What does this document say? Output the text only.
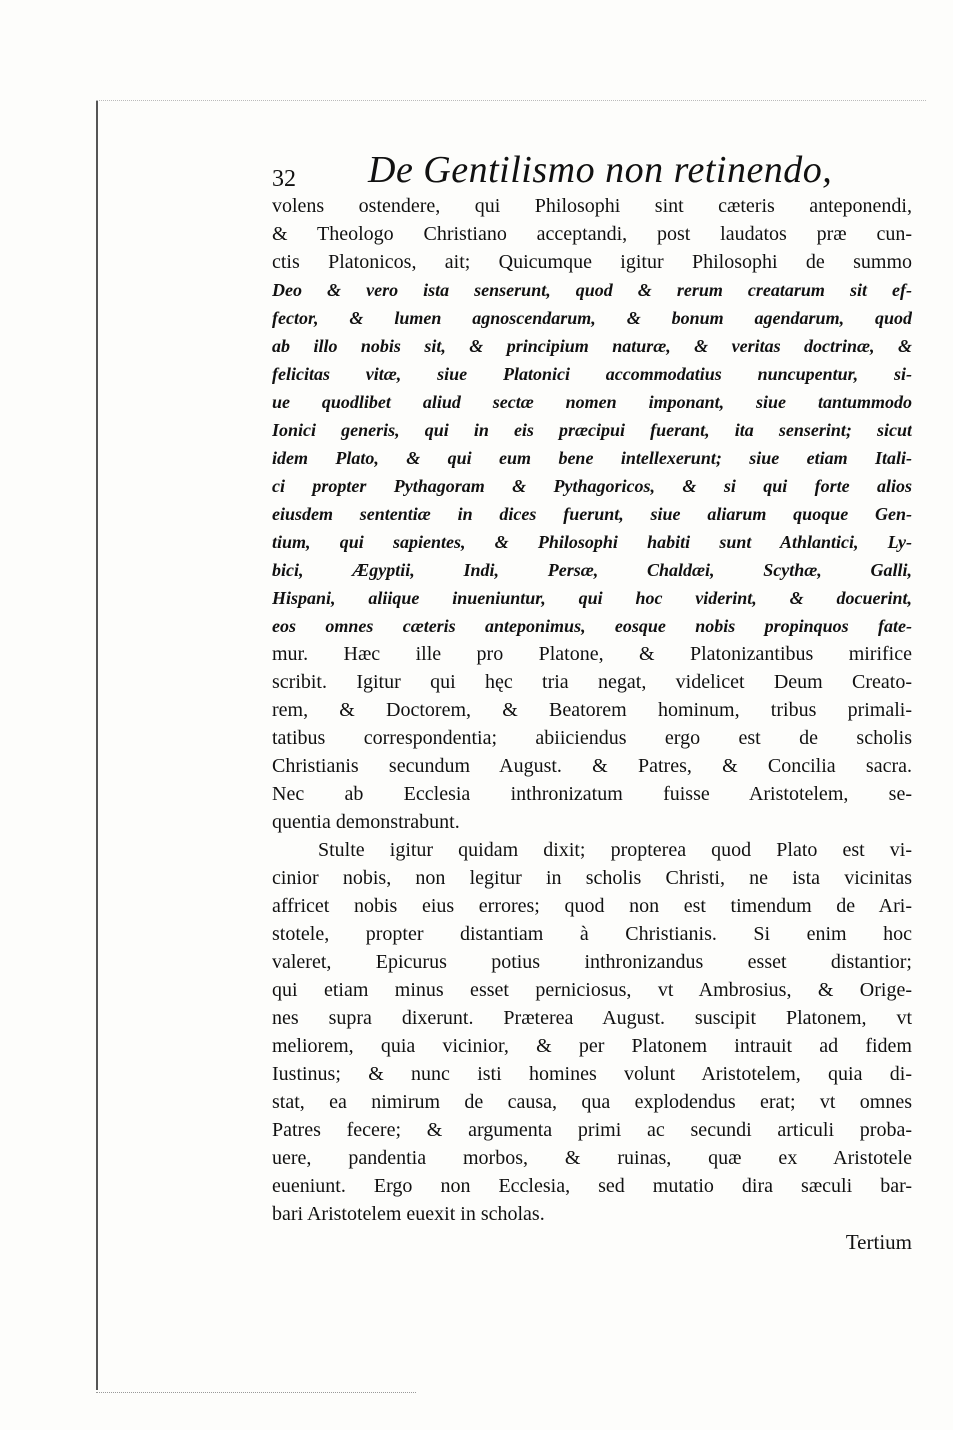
32 De Gentilismo non retinendo,
volens ostendere, qui Philosophi sint cæteris anteponendi,
& Theologo Christiano acceptandi, post laudatos præ cun-
ctis Platonicos, ait; Quicumque igitur Philosophi de summo
Deo & vero ista senserunt, quod & rerum creatarum sit ef-
fector, & lumen agnoscendarum, & bonum agendarum, quod
ab illo nobis sit, & principium naturæ, & veritas doctrinæ, &
felicitas vitæ, siue Platonici accommodatius nuncupentur, si-
ue quodlibet aliud sectæ nomen imponant, siue tantummodo
Ionici generis, qui in eis præcipui fuerant, ita senserint; sicut
idem Plato, & qui eum bene intellexerunt; siue etiam Itali-
ci propter Pythagoram & Pythagoricos, & si qui forte alios
eiusdem sententiæ in dices fuerunt, siue aliarum quoque Gen-
tium, qui sapientes, & Philosophi habiti sunt Athlantici, Ly-
bici, Ægyptii, Indi, Persæ, Chaldæi, Scythæ, Galli,
Hispani, aliique inueniuntur, qui hoc viderint, & docuerint,
eos omnes cæteris anteponimus, eosque nobis propinquos fate-
mur. Hæc ille pro Platone, & Platonizantibus mirifice
scribit. Igitur qui hęc tria negat, videlicet Deum Creato-
rem, & Doctorem, & Beatorem hominum, tribus primali-
tatibus correspondentia; abiiciendus ergo est de scholis
Christianis secundum August. & Patres, & Concilia sacra.
Nec ab Ecclesia inthronizatum fuisse Aristotelem, se-
quentia demonstrabunt.
Stulte igitur quidam dixit; propterea quod Plato est vi-
cinior nobis, non legitur in scholis Christi, ne ista vicinitas
affricet nobis eius errores; quod non est timendum de Ari-
stotele, propter distantiam à Christianis. Si enim hoc
valeret, Epicurus potius inthronizandus esset distantior;
qui etiam minus esset perniciosus, vt Ambrosius, & Orige-
nes supra dixerunt. Præterea August. suscipit Platonem, vt
meliorem, quia vicinior, & per Platonem intrauit ad fidem
Iustinus; & nunc isti homines volunt Aristotelem, quia di-
stat, ea nimirum de causa, qua explodendus erat; vt omnes
Patres fecere; & argumenta primi ac secundi articuli proba-
uere, pandentia morbos, & ruinas, quæ ex Aristotele
eueniunt. Ergo non Ecclesia, sed mutatio dira sæculi bar-
bari Aristotelem euexit in scholas.
Tertium
